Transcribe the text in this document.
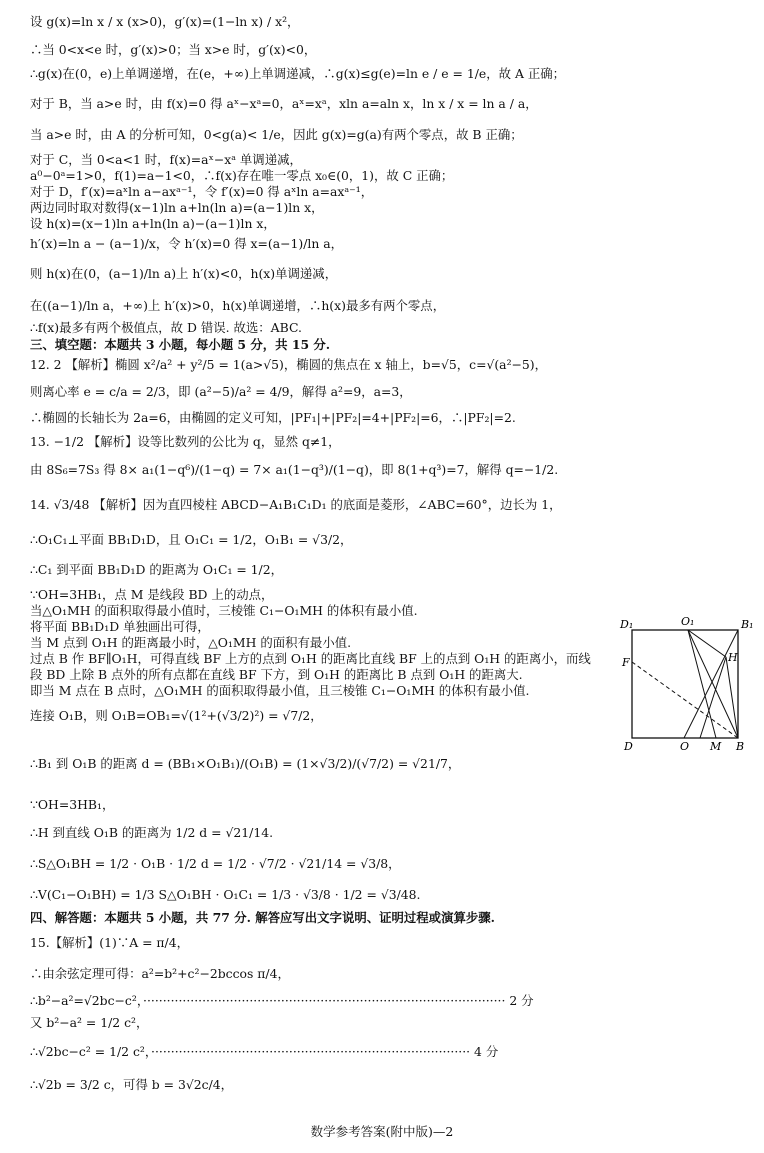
设 g(x)=ln x / x (x>0)，g′(x)=(1−ln x) / x²，
∴当 0<x<e 时，g′(x)>0；当 x>e 时，g′(x)<0，
∴g(x)在(0，e)上单调递增，在(e，+∞)上单调递减，∴g(x)≤g(e)=ln e / e = 1/e，故 A 正确；
对于 B，当 a>e 时，由 f(x)=0 得 aˣ−xᵃ=0，aˣ=xᵃ，xln a=aln x，ln x / x = ln a / a，
当 a>e 时，由 A 的分析可知，0<g(a)< 1/e，因此 g(x)=g(a)有两个零点，故 B 正确；
对于 C，当 0<a<1 时，f(x)=aˣ−xᵃ 单调递减，
a⁰−0ᵃ=1>0，f(1)=a−1<0，∴f(x)存在唯一零点 x₀∈(0，1)，故 C 正确；
对于 D，f′(x)=aˣln a−axᵃ⁻¹，令 f′(x)=0 得 aˣln a=axᵃ⁻¹，
两边同时取对数得(x−1)ln a+ln(ln a)=(a−1)ln x，
设 h(x)=(x−1)ln a+ln(ln a)−(a−1)ln x，
h′(x)=ln a − (a−1)/x，令 h′(x)=0 得 x=(a−1)/ln a，
则 h(x)在(0，(a−1)/ln a)上 h′(x)<0，h(x)单调递减，
在((a−1)/ln a，+∞)上 h′(x)>0，h(x)单调递增，∴h(x)最多有两个零点，
∴f(x)最多有两个极值点，故 D 错误. 故选：ABC.
三、填空题：本题共 3 小题，每小题 5 分，共 15 分.
12. 2 【解析】椭圆 x²/a² + y²/5 = 1(a>√5)，椭圆的焦点在 x 轴上，b=√5，c=√(a²−5)，
则离心率 e = c/a = 2/3，即 (a²−5)/a² = 4/9，解得 a²=9，a=3，
∴椭圆的长轴长为 2a=6，由椭圆的定义可知，|PF₁|+|PF₂|=4+|PF₂|=6，∴|PF₂|=2.
13. −1/2 【解析】设等比数列的公比为 q，显然 q≠1，
由 8S₆=7S₃ 得 8× a₁(1−q⁶)/(1−q) = 7× a₁(1−q³)/(1−q)，即 8(1+q³)=7，解得 q=−1/2.
14. √3/48 【解析】因为直四棱柱 ABCD−A₁B₁C₁D₁ 的底面是菱形，∠ABC=60°，边长为 1，
∴O₁C₁⊥平面 BB₁D₁D，且 O₁C₁ = 1/2，O₁B₁ = √3/2，
∴C₁ 到平面 BB₁D₁D 的距离为 O₁C₁ = 1/2，
∵OH=3HB₁，点 M 是线段 BD 上的动点，
当△O₁MH 的面积取得最小值时，三棱锥 C₁−O₁MH 的体积有最小值.
将平面 BB₁D₁D 单独画出可得，
当 M 点到 O₁H 的距离最小时，△O₁MH 的面积有最小值.
过点 B 作 BF∥O₁H，可得直线 BF 上方的点到 O₁H 的距离比直线 BF 上的点到 O₁H 的距离小，而线
段 BD 上除 B 点外的所有点都在直线 BF 下方，到 O₁H 的距离比 B 点到 O₁H 的距离大.
即当 M 点在 B 点时，△O₁MH 的面积取得最小值，且三棱锥 C₁−O₁MH 的体积有最小值.
连接 O₁B，则 O₁B=OB₁=√(1²+(√3/2)²) = √7/2，
∴B₁ 到 O₁B 的距离 d = (BB₁×O₁B₁)/(O₁B) = (1×√3/2)/(√7/2) = √21/7，
∵OH=3HB₁，
∴H 到直线 O₁B 的距离为 1/2 d = √21/14.
∴S△O₁BH = 1/2 · O₁B · 1/2 d = 1/2 · √7/2 · √21/14 = √3/8，
∴V(C₁−O₁BH) = 1/3 S△O₁BH · O₁C₁ = 1/3 · √3/8 · 1/2 = √3/48.
四、解答题：本题共 5 小题，共 77 分. 解答应写出文字说明、证明过程或演算步骤.
15.【解析】(1)∵A = π/4，
∴由余弦定理可得：a²=b²+c²−2bccos π/4，
∴b²−a²=√2bc−c²，···························································································· 2 分
又 b²−a² = 1/2 c²，
∴√2bc−c² = 1/2 c²，················································································· 4 分
∴√2b = 3/2 c，可得 b = 3√2c/4，
D₁	O₁	B₁
F	H
D	O M B
数学参考答案(附中版)—2
